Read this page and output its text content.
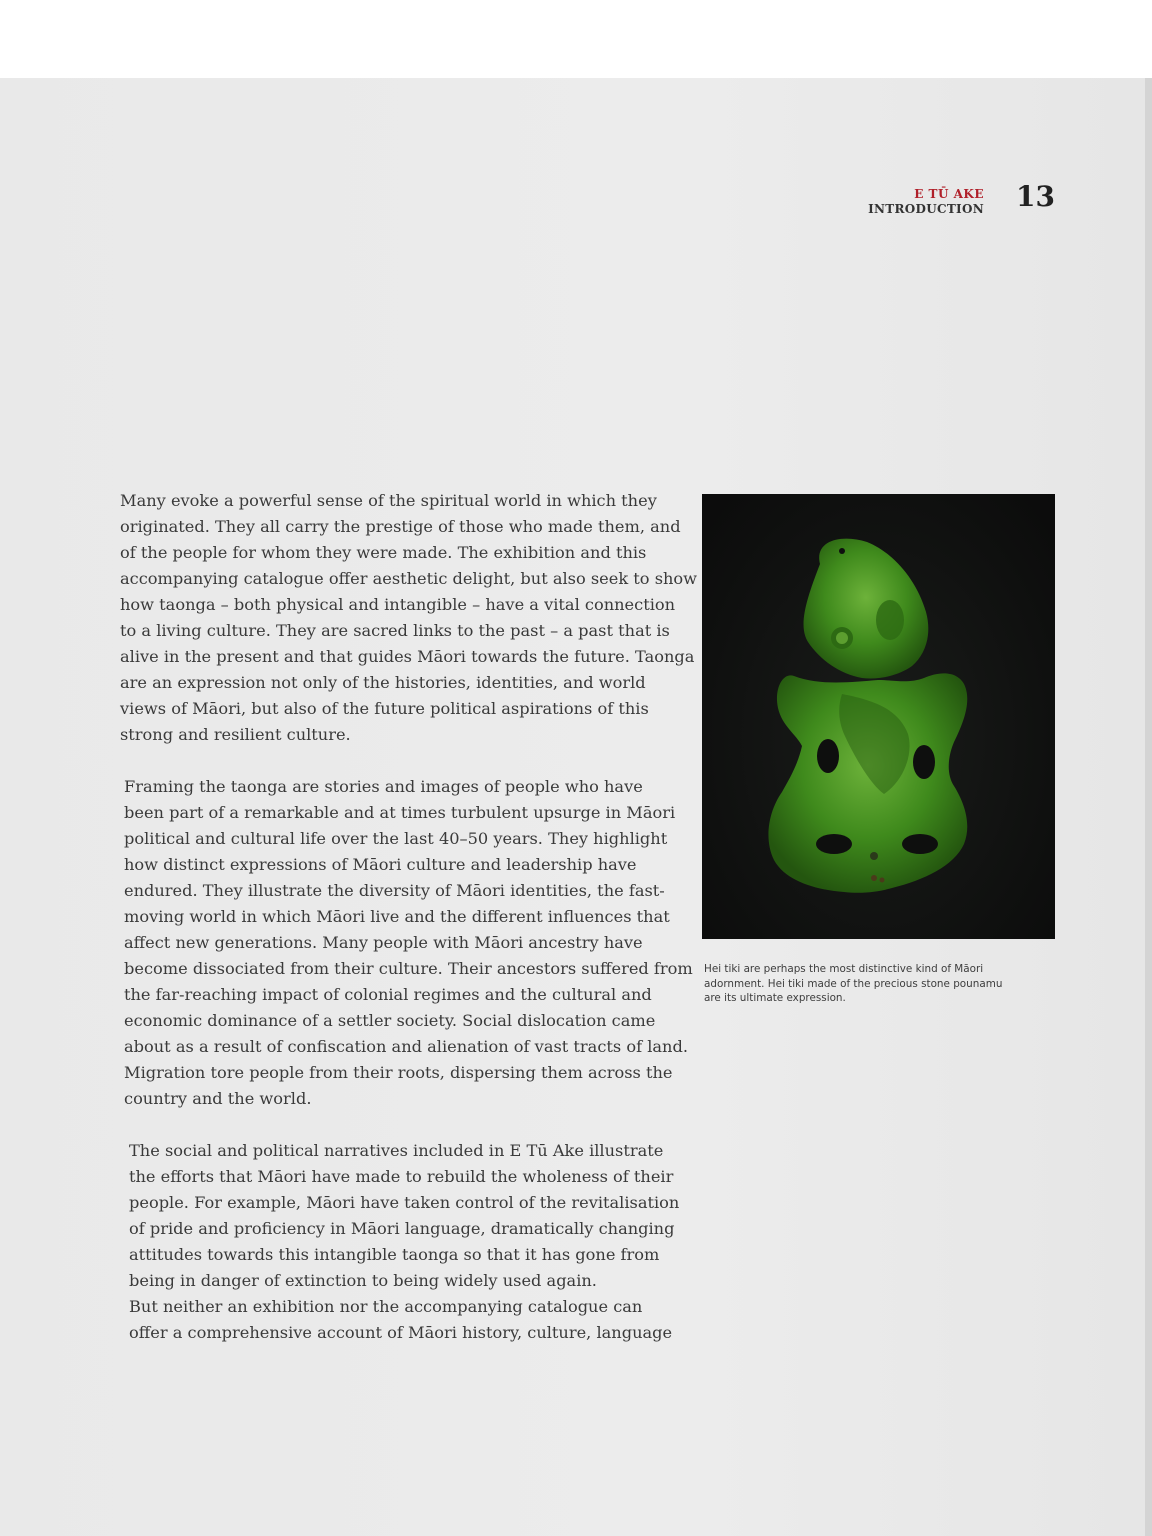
E TŪ AKE
INTRODUCTION 13
Many evoke a powerful sense of the spiritual world in which they
originated. They all carry the prestige of those who made them, and
of the people for whom they were made. The exhibition and this
accompanying catalogue offer aesthetic delight, but also seek to show
how taonga – both physical and intangible – have a vital connection
to a living culture. They are sacred links to the past – a past that is
alive in the present and that guides Māori towards the future. Taonga
are an expression not only of the histories, identities, and world
views of Māori, but also of the future political aspirations of this
strong and resilient culture.
Framing the taonga are stories and images of people who have
been part of a remarkable and at times turbulent upsurge in Māori
political and cultural life over the last 40–50 years. They highlight
how distinct expressions of Māori culture and leadership have
endured. They illustrate the diversity of Māori identities, the fast-
moving world in which Māori live and the different influences that
affect new generations. Many people with Māori ancestry have
become dissociated from their culture. Their ancestors suffered from
the far-reaching impact of colonial regimes and the cultural and
economic dominance of a settler society. Social dislocation came
about as a result of confiscation and alienation of vast tracts of land.
Migration tore people from their roots, dispersing them across the
country and the world.
The social and political narratives included in E Tū Ake illustrate
the efforts that Māori have made to rebuild the wholeness of their
people. For example, Māori have taken control of the revitalisation
of pride and proficiency in Māori language, dramatically changing
attitudes towards this intangible taonga so that it has gone from
being in danger of extinction to being widely used again.
But neither an exhibition nor the accompanying catalogue can
offer a comprehensive account of Māori history, culture, language
Hei tiki are perhaps the most distinctive kind of Māori
adornment. Hei tiki made of the precious stone pounamu
are its ultimate expression.
